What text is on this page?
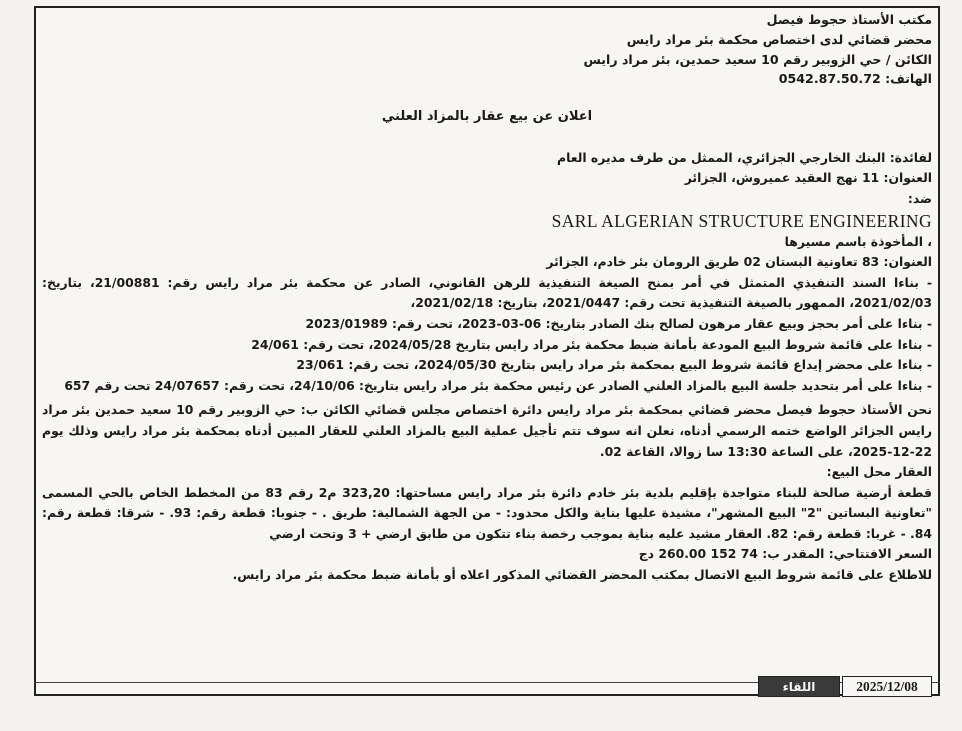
مكتب الأستاذ حجوط فيصل

محضر قضائي لدى اختصاص محكمة بئر مراد رايس

الكائن / حي الزوبير رقم 10 سعيد حمدين، بئر مراد رايس

الهاتف: 0542.87.50.72

اعلان عن بيع عقار بالمزاد العلني

لفائدة: البنك الخارجي الجزائري، الممثل من طرف مديره العام

العنوان: 11 نهج العقيد عميروش، الجزائر

ضد:

SARL ALGERIAN STRUCTURE ENGINEERING

، المأخوذة باسم مسيرها

العنوان: 83 تعاونية البستان 02 طريق الرومان بئر خادم، الجزائر

- بناءا السند التنفيذي المتمثل في أمر بمنح الصيغة التنفيذية للرهن القانوني، الصادر عن محكمة بئر مراد رايس رقم: 21/00881، بتاريخ: 2021/02/03، الممهور بالصيغة التنفيذية تحت رقم: 2021/0447، بتاريخ: 2021/02/18،

- بناءا على أمر بحجز وبيع عقار مرهون لصالح بنك الصادر بتاريخ: 06-03-2023، تحت رقم: 2023/01989

- بناءا على قائمة شروط البيع المودعة بأمانة ضبط محكمة بئر مراد رايس بتاريخ 2024/05/28، تحت رقم: 24/061

- بناءا على محضر إيداع قائمة شروط البيع بمحكمة بئر مراد رايس بتاريخ 2024/05/30، تحت رقم: 23/061

- بناءا على أمر بتحديد جلسة البيع بالمزاد العلني الصادر عن رئيس محكمة بئر مراد رايس بتاريخ: 24/10/06، تحت رقم: 24/07657 تحت رقم 657

نحن الأستاذ حجوط فيصل محضر قضائي بمحكمة بئر مراد رايس دائرة اختصاص مجلس قضائي الكائن ب: حي الزوبير رقم 10 سعيد حمدين بئر مراد رايس الجزائر الواضع ختمه الرسمي أدناه، نعلن انه سوف تتم تأجيل عملية البيع بالمزاد العلني للعقار المبين أدناه بمحكمة بئر مراد رايس وذلك يوم 22-12-2025، على الساعة 13:30 سا زوالا، القاعة 02.

العقار محل البيع:

قطعة أرضية صالحة للبناء متواجدة بإقليم بلدية بئر خادم دائرة بئر مراد رايس مساحتها: 323,20 م2 رقم 83 من المخطط الخاص بالحي المسمى "تعاونية البساتين "2" البيع المشهر"، مشيدة عليها بناية والكل محدود: - من الجهة الشمالية: طريق . - جنوبا: قطعة رقم: 93. - شرقا: قطعة رقم: 84. - غربا: قطعة رقم: 82. العقار مشيد عليه بناية بموجب رخصة بناء تتكون من طابق ارضي + 3 وتحت ارضي

السعر الافتتاحي: المقدر ب: 74 152 260.00 دج

للاطلاع على قائمة شروط البيع الاتصال بمكتب المحضر القضائي المذكور اعلاه أو بأمانة ضبط محكمة بئر مراد رايس.

2025/12/08
اللقاء
